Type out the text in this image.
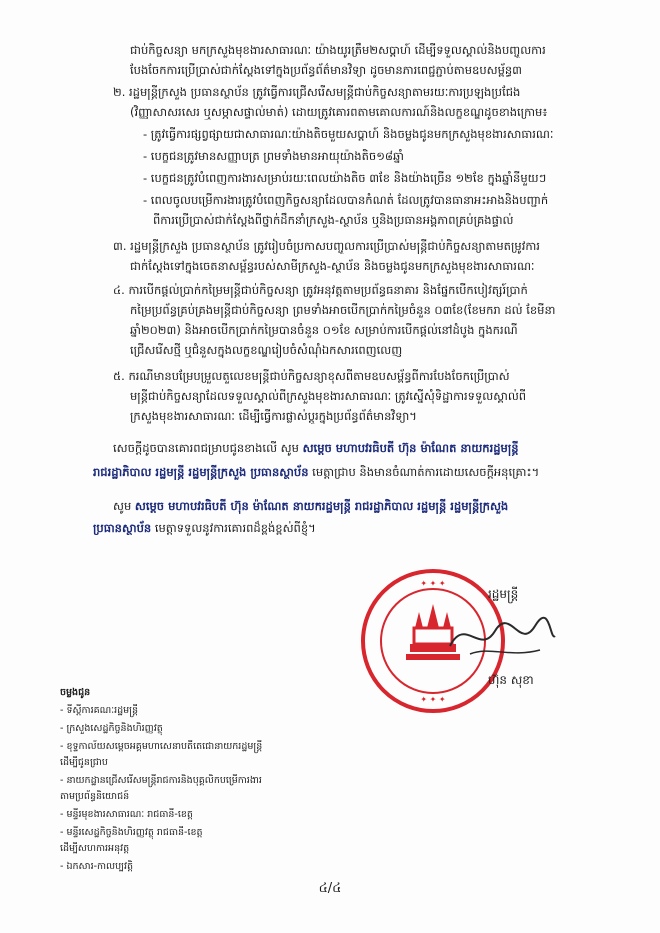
ជាប់កិច្ចសន្យា មកក្រសួងមុខងារសាធារណៈ យ៉ាងយូរត្រឹម២សប្តាហ៍ ដើម្បីទទួលស្គាល់និងបញ្ចូលការ
បែងចែកការប្រើប្រាស់ជាក់ស្តែងទៅក្នុងប្រព័ន្ធព័ត៌មានវិទ្យា ដូចមានភារពេជ្ជភ្ជាប់តាមឧបសម្ព័ន្ធ៣
២. រដ្ឋមន្ត្រីក្រសួង ប្រធានស្ថាប័ន ត្រូវធ្វើការជ្រើសរើសមន្ត្រីជាប់កិច្ចសន្យាតាមរយៈការប្រឡងប្រជែង
(វិញ្ញាសាសរសេរ ឬសម្ភាសផ្ទាល់មាត់) ដោយត្រូវគោរពតាមគោលការណ៍និងលក្ខខណ្ឌដូចខាងក្រោម៖
- ត្រូវធ្វើការផ្សព្វផ្សាយជាសាធារណៈយ៉ាងតិចមួយសប្តាហ៍ និងចម្លងជូនមកក្រសួងមុខងារសាធារណៈ
- បេក្ខជនត្រូវមានសញ្ញាបត្រ ព្រមទាំងមានអាយុយ៉ាងតិច១៨ឆ្នាំ
- បេក្ខជនត្រូវបំពេញការងារសម្រាប់រយៈពេលយ៉ាងតិច ៣ខែ និងយ៉ាងច្រើន ១២ខែ ក្នុងឆ្នាំនីមួយៗ
- ពេលចូលបម្រើការងារត្រូវបំពេញកិច្ចសន្យាដែលបានកំណត់ ដែលត្រូវបានធានាអះអាងនិងបញ្ជាក់
ពីការប្រើប្រាស់ជាក់ស្តែងពីថ្នាក់ដឹកនាំក្រសួង-ស្ថាប័ន ឬនិងប្រធានអង្គភាពគ្រប់គ្រងផ្ទាល់
៣. រដ្ឋមន្ត្រីក្រសួង ប្រធានស្ថាប័ន ត្រូវរៀបចំប្រកាសបញ្ចូលការប្រើប្រាស់មន្ត្រីជាប់កិច្ចសន្យាតាមតម្រូវការ
ជាក់ស្តែងទៅក្នុងចេតនាសម្ព័ន្ធរបស់សាមីក្រសួង-ស្ថាប័ន និងចម្លងជូនមកក្រសួងមុខងារសាធារណៈ
៤. ការបើកផ្តល់ប្រាក់កម្រៃមន្ត្រីជាប់កិច្ចសន្យា ត្រូវអនុវត្តតាមប្រព័ន្ធធនាគារ និងផ្នែកបើកបៀវត្សរ៍ប្រាក់
កម្រៃប្រព័ន្ធគ្រប់គ្រងមន្ត្រីជាប់កិច្ចសន្យា ព្រមទាំងអាចបើកប្រាក់កម្រៃចំនួន ០៣ខែ(ខែមករា ដល់ ខែមីនា
ឆ្នាំ២០២៣) និងអាចបើកប្រាក់កម្រៃបានចំនួន ០១ខែ សម្រាប់ការបើកផ្តល់នៅដំបូង ក្នុងករណី
ជ្រើសរើសថ្មី ឬជំនួសក្នុងលក្ខខណ្ឌរៀបចំសំណុំឯកសារពេញលេញ
៥. ករណីមានបម្រែបម្រួលតួលេខមន្ត្រីជាប់កិច្ចសន្យាខុសពីតាមឧបសម្ព័ន្ធពីការបែងចែកប្រើប្រាស់
មន្ត្រីជាប់កិច្ចសន្យាដែលទទួលស្គាល់ពីក្រសួងមុខងារសាធារណៈ ត្រូវស្នើសុំទិដ្ឋាការទទួលស្គាល់ពី
ក្រសួងមុខងារសាធារណៈ ដើម្បីធ្វើការផ្លាស់ប្តូរក្នុងប្រព័ន្ធព័ត៌មានវិទ្យា។
សេចក្តីដូចបានគោរពជម្រាបជូនខាងលើ សូម សម្តេច មហាបវរធិបតី ហ៊ុន ម៉ាណែត នាយករដ្ឋមន្ត្រី
រាជរដ្ឋាភិបាល រដ្ឋមន្ត្រី រដ្ឋមន្ត្រីក្រសួង ប្រធានស្ថាប័ន មេត្តាជ្រាប និងមានចំណាត់ការដោយសេចក្តីអនុគ្រោះ។
សូម សម្តេច មហាបវរធិបតី ហ៊ុន ម៉ាណែត នាយករដ្ឋមន្ត្រី រាជរដ្ឋាភិបាល រដ្ឋមន្ត្រី រដ្ឋមន្ត្រីក្រសួង
ប្រធានស្ថាប័ន មេត្តាទទួលនូវការគោរពដ៏ខ្ពង់ខ្ពស់ពីខ្ញុំ។
✦ ✦ ✦
✦ ✦ ✦
រដ្ឋមន្ត្រី
ហ៊ុន សុខា
ចម្លងជូន
- ទីស្តីការគណៈរដ្ឋមន្ត្រី
- ក្រសួងសេដ្ឋកិច្ចនិងហិរញ្ញវត្ថុ
- ខុទ្ទកាល័យសម្តេចអគ្គមហាសេនាបតីតេជោនាយករដ្ឋមន្ត្រី
ដើម្បីជូនជ្រាប
- នាយកដ្ឋានជ្រើសរើសមន្ត្រីរាជការនិងបុគ្គលិកបម្រើការងារ
តាមប្រព័ន្ធនិយោជន៍
- មន្ទីរមុខងារសាធារណៈ រាជធានី-ខេត្ត
- មន្ទីរសេដ្ឋកិច្ចនិងហិរញ្ញវត្ថុ រាជធានី-ខេត្ត
ដើម្បីសហការអនុវត្ត
- ឯកសារ-កាលប្បវត្តិ
៤/៤
